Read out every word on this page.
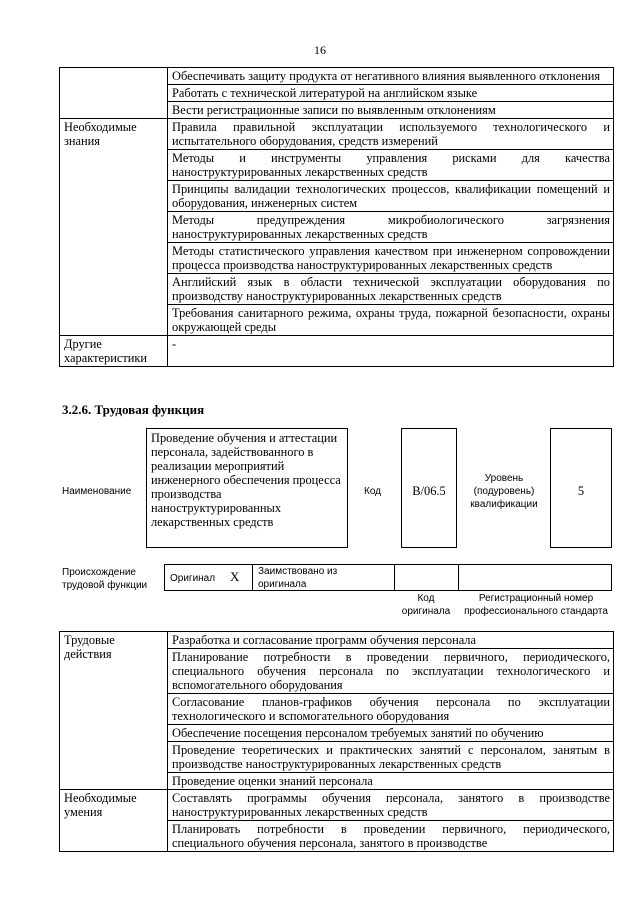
16
	Обеспечивать защиту продукта от негативного влияния выявленного отклонения
	Работать с технической литературой на английском языке
	Вести регистрационные записи по выявленным отклонениям
Необходимые знания	Правила правильной эксплуатации используемого технологического и испытательного оборудования, средств измерений
	Методы и инструменты управления рисками для качества наноструктурированных лекарственных средств
	Принципы валидации технологических процессов, квалификации помещений и оборудования, инженерных систем
	Методы предупреждения микробиологического загрязнения наноструктурированных лекарственных средств
	Методы статистического управления качеством при инженерном сопровождении процесса производства наноструктурированных лекарственных средств
	Английский язык в области технической эксплуатации оборудования по производству наноструктурированных лекарственных средств
	Требования санитарного режима, охраны труда, пожарной безопасности, охраны окружающей среды
Другие характеристики	-
3.2.6. Трудовая функция
Наименование
Проведение обучения и аттестации персонала, задействованного в реализации мероприятий инженерного обеспечения процесса производства наноструктурированных лекарственных средств
Код	B/06.5
Уровень (подуровень) квалификации
5
Происхождение трудовой функции
Оригинал X Заимствовано из оригинала
Код оригинала
Регистрационный номер профессионального стандарта
Трудовые действия	Разработка и согласование программ обучения персонала
	Планирование потребности в проведении первичного, периодического, специального обучения персонала по эксплуатации технологического и вспомогательного оборудования
	Согласование планов-графиков обучения персонала по эксплуатации технологического и вспомогательного оборудования
	Обеспечение посещения персоналом требуемых занятий по обучению
	Проведение теоретических и практических занятий с персоналом, занятым в производстве наноструктурированных лекарственных средств
	Проведение оценки знаний персонала
Необходимые умения	Составлять программы обучения персонала, занятого в производстве наноструктурированных лекарственных средств
	Планировать потребности в проведении первичного, периодического, специального обучения персонала, занятого в производстве
